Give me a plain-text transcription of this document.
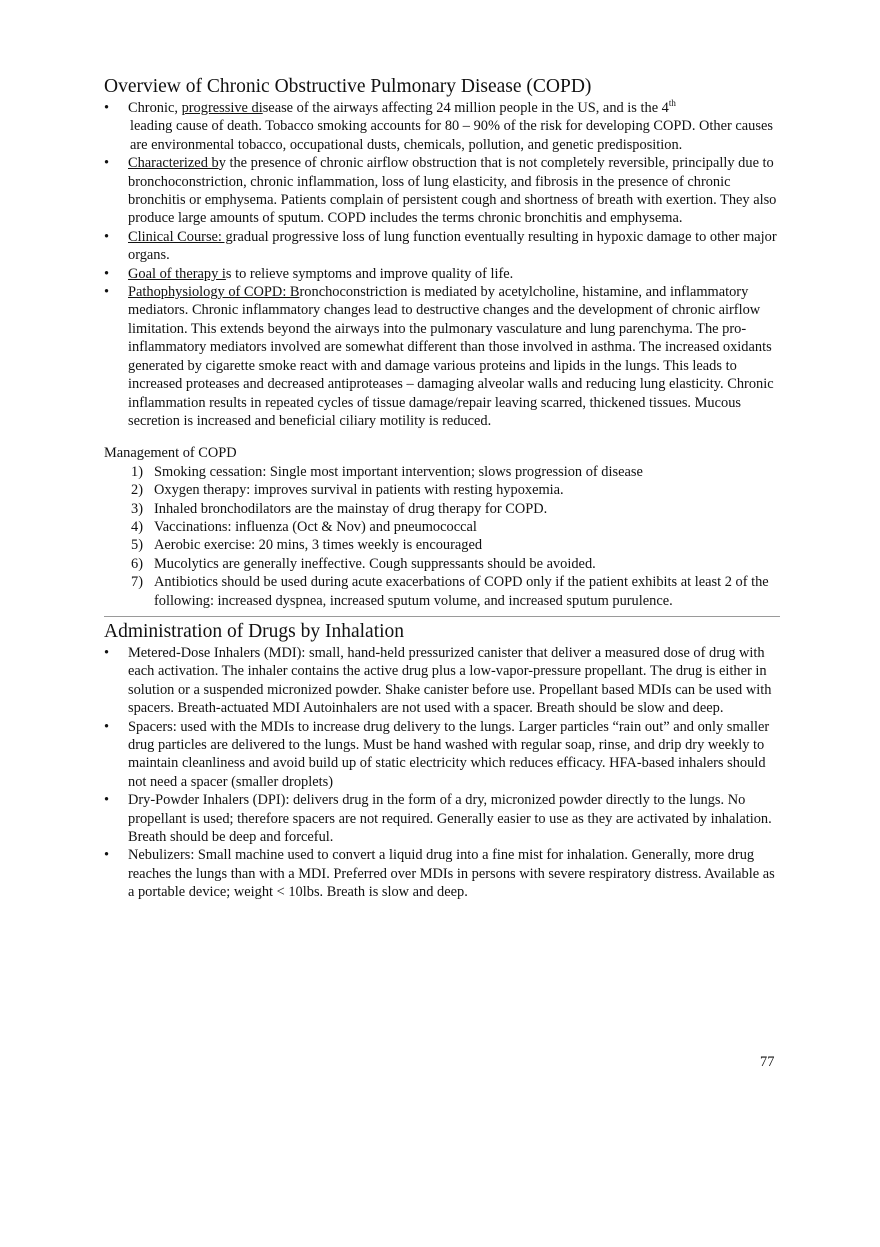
Overview of Chronic Obstructive Pulmonary Disease (COPD)
• Chronic, progressive disease of the airways affecting 24 million people in the US, and is the 4th
leading cause of death. Tobacco smoking accounts for 80 – 90% of the risk for developing COPD. Other causes are environmental tobacco, occupational dusts, chemicals, pollution, and genetic predisposition.
• Characterized by the presence of chronic airflow obstruction that is not completely reversible, principally due to bronchoconstriction, chronic inflammation, loss of lung elasticity, and fibrosis in the presence of chronic bronchitis or emphysema. Patients complain of persistent cough and shortness of breath with exertion. They also produce large amounts of sputum. COPD includes the terms chronic bronchitis and emphysema.
• Clinical Course: gradual progressive loss of lung function eventually resulting in hypoxic damage to other major organs.
• Goal of therapy is to relieve symptoms and improve quality of life.
• Pathophysiology of COPD: Bronchoconstriction is mediated by acetylcholine, histamine, and inflammatory mediators. Chronic inflammatory changes lead to destructive changes and the development of chronic airflow limitation. This extends beyond the airways into the pulmonary vasculature and lung parenchyma. The pro-inflammatory mediators involved are somewhat different than those involved in asthma. The increased oxidants generated by cigarette smoke react with and damage various proteins and lipids in the lungs. This leads to increased proteases and decreased antiproteases – damaging alveolar walls and reducing lung elasticity. Chronic inflammation results in repeated cycles of tissue damage/repair leaving scarred, thickened tissues. Mucous secretion is increased and beneficial ciliary motility is reduced.
Management of COPD
1) Smoking cessation: Single most important intervention; slows progression of disease
2) Oxygen therapy: improves survival in patients with resting hypoxemia.
3) Inhaled bronchodilators are the mainstay of drug therapy for COPD.
4) Vaccinations: influenza (Oct & Nov) and pneumococcal
5) Aerobic exercise: 20 mins, 3 times weekly is encouraged
6) Mucolytics are generally ineffective. Cough suppressants should be avoided.
7) Antibiotics should be used during acute exacerbations of COPD only if the patient exhibits at least 2 of the following: increased dyspnea, increased sputum volume, and increased sputum purulence.
Administration of Drugs by Inhalation
• Metered-Dose Inhalers (MDI): small, hand-held pressurized canister that deliver a measured dose of drug with each activation. The inhaler contains the active drug plus a low-vapor-pressure propellant. The drug is either in solution or a suspended micronized powder. Shake canister before use. Propellant based MDIs can be used with spacers. Breath-actuated MDI Autoinhalers are not used with a spacer. Breath should be slow and deep.
• Spacers: used with the MDIs to increase drug delivery to the lungs. Larger particles “rain out” and only smaller drug particles are delivered to the lungs. Must be hand washed with regular soap, rinse, and drip dry weekly to maintain cleanliness and avoid build up of static electricity which reduces efficacy. HFA-based inhalers should not need a spacer (smaller droplets)
• Dry-Powder Inhalers (DPI): delivers drug in the form of a dry, micronized powder directly to the lungs. No propellant is used; therefore spacers are not required. Generally easier to use as they are activated by inhalation. Breath should be deep and forceful.
• Nebulizers: Small machine used to convert a liquid drug into a fine mist for inhalation. Generally, more drug reaches the lungs than with a MDI. Preferred over MDIs in persons with severe respiratory distress. Available as a portable device; weight < 10lbs. Breath is slow and deep.
77
